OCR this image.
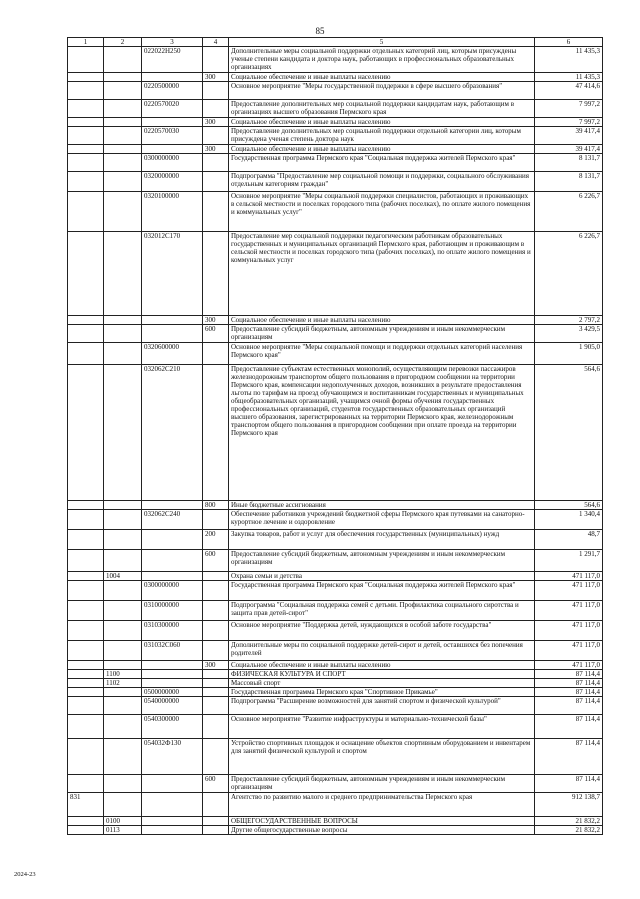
85
1	2	3	4	5	6
		022022Н250		Дополнительные меры социальной поддержки отдельных категорий лиц, которым присуждены ученые степени кандидата и доктора наук, работающих в профессиональных образовательных организациях	11 435,3
			300	Социальное обеспечение и иные выплаты населению	11 435,3
		0220500000		Основное мероприятие "Меры государственной поддержки в сфере высшего образования"	47 414,6
		0220570020		Предоставление дополнительных мер социальной поддержки кандидатам наук, работающим в организациях высшего образования Пермского края	7 997,2
			300	Социальное обеспечение и иные выплаты населению	7 997,2
		0220570030		Предоставление дополнительных мер социальной поддержки отдельной категории лиц, которым присуждена ученая степень доктора наук	39 417,4
			300	Социальное обеспечение и иные выплаты населению	39 417,4
		0300000000		Государственная программа Пермского края "Социальная поддержка жителей Пермского края"	8 131,7
		0320000000		Подпрограмма "Предоставление мер социальной помощи и поддержки, социального обслуживания отдельным категориям граждан"	8 131,7
		0320100000		Основное мероприятие "Меры социальной поддержки специалистов, работающих и проживающих в сельской местности и поселках городского типа (рабочих поселках), по оплате жилого помещения и коммунальных услуг"	6 226,7
		032012С170		Предоставление мер социальной поддержки педагогическим работникам образовательных государственных и муниципальных организаций Пермского края, работающим и проживающим в сельской местности и поселках городского типа (рабочих поселках), по оплате жилого помещения и коммунальных услуг	6 226,7
			300	Социальное обеспечение и иные выплаты населению	2 797,2
			600	Предоставление субсидий бюджетным, автономным учреждениям и иным некоммерческим организациям	3 429,5
		0320600000		Основное мероприятие "Меры социальной помощи и поддержки отдельных категорий населения Пермского края"	1 905,0
		032062С210		Предоставление субъектам естественных монополий, осуществляющим перевозки пассажиров железнодорожным транспортом общего пользования в пригородном сообщении на территории Пермского края, компенсации недополученных доходов, возникших в результате предоставления льготы по тарифам на проезд обучающимся и воспитанникам государственных и муниципальных общеобразовательных организаций, учащимся очной формы обучения государственных профессиональных организаций, студентов государственных образовательных организаций высшего образования, зарегистрированных на территории Пермского края, железнодорожным транспортом общего пользования в пригородном сообщении при оплате проезда на территории Пермского края	564,6
			800	Иные бюджетные ассигнования	564,6
		032062С240		Обеспечение работников учреждений бюджетной сферы Пермского края путевками на санаторно-курортное лечение и оздоровление	1 340,4
			200	Закупка товаров, работ и услуг для обеспечения государственных (муниципальных) нужд	48,7
			600	Предоставление субсидий бюджетным, автономным учреждениям и иным некоммерческим организациям	1 291,7
	1004			Охрана семьи и детства	471 117,0
		0300000000		Государственная программа Пермского края "Социальная поддержка жителей Пермского края"	471 117,0
		0310000000		Подпрограмма "Социальная поддержка семей с детьми. Профилактика социального сиротства и защита прав детей-сирот"	471 117,0
		0310300000		Основное мероприятие "Поддержка детей, нуждающихся в особой заботе государства"	471 117,0
		031032С060		Дополнительные меры по социальной поддержке детей-сирот и детей, оставшихся без попечения родителей	471 117,0
			300	Социальное обеспечение и иные выплаты населению	471 117,0
	1100			ФИЗИЧЕСКАЯ КУЛЬТУРА И СПОРТ	87 114,4
	1102			Массовый спорт	87 114,4
		0500000000		Государственная программа Пермского края "Спортивное Прикамье"	87 114,4
		0540000000		Подпрограмма "Расширение возможностей для занятий спортом и физической культурой"	87 114,4
		0540300000		Основное мероприятие "Развитие инфраструктуры и материально-технической базы"	87 114,4
		054032Ф130		Устройство спортивных площадок и оснащение объектов спортивным оборудованием и инвентарем для занятий физической культурой и спортом	87 114,4
			600	Предоставление субсидий бюджетным, автономным учреждениям и иным некоммерческим организациям	87 114,4
831				Агентство по развитию малого и среднего предпринимательства Пермского края	912 138,7
	0100			ОБЩЕГОСУДАРСТВЕННЫЕ ВОПРОСЫ	21 832,2
	0113			Другие общегосударственные вопросы	21 832,2
2024-23
